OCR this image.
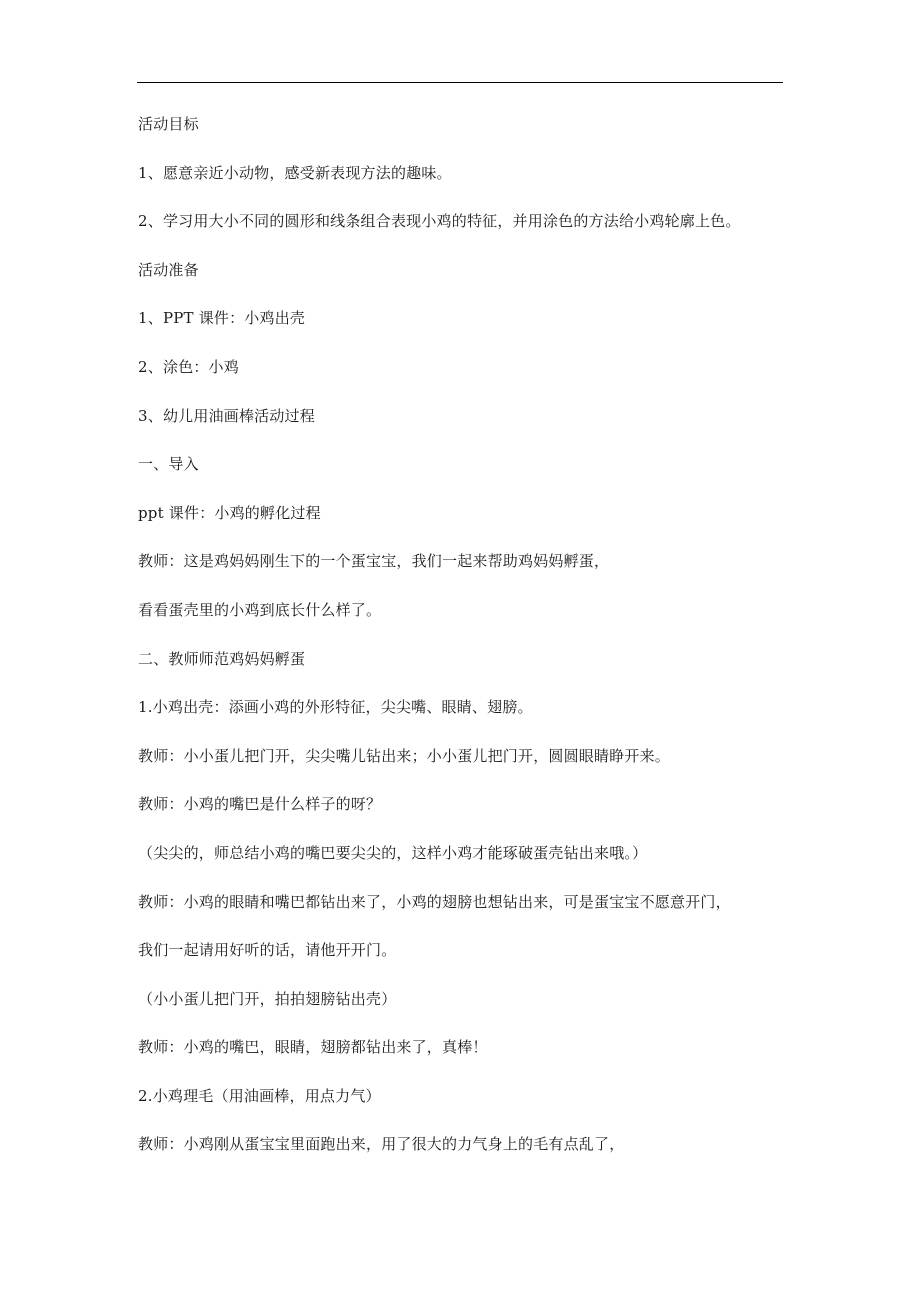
活动目标
1、愿意亲近小动物，感受新表现方法的趣味。
2、学习用大小不同的圆形和线条组合表现小鸡的特征，并用涂色的方法给小鸡轮廓上色。
活动准备
1、PPT 课件：小鸡出壳
2、涂色：小鸡
3、幼儿用油画棒活动过程
一、导入
ppt 课件：小鸡的孵化过程
教师：这是鸡妈妈刚生下的一个蛋宝宝，我们一起来帮助鸡妈妈孵蛋，
看看蛋壳里的小鸡到底长什么样了。
二、教师师范鸡妈妈孵蛋
1.小鸡出壳：添画小鸡的外形特征，尖尖嘴、眼睛、翅膀。
教师：小小蛋儿把门开，尖尖嘴儿钻出来；小小蛋儿把门开，圆圆眼睛睁开来。
教师：小鸡的嘴巴是什么样子的呀？
（尖尖的，师总结小鸡的嘴巴要尖尖的，这样小鸡才能琢破蛋壳钻出来哦。）
教师：小鸡的眼睛和嘴巴都钻出来了，小鸡的翅膀也想钻出来，可是蛋宝宝不愿意开门，
我们一起请用好听的话，请他开开门。
（小小蛋儿把门开，拍拍翅膀钻出壳）
教师：小鸡的嘴巴，眼睛，翅膀都钻出来了，真棒！
2.小鸡理毛（用油画棒，用点力气）
教师：小鸡刚从蛋宝宝里面跑出来，用了很大的力气身上的毛有点乱了，
